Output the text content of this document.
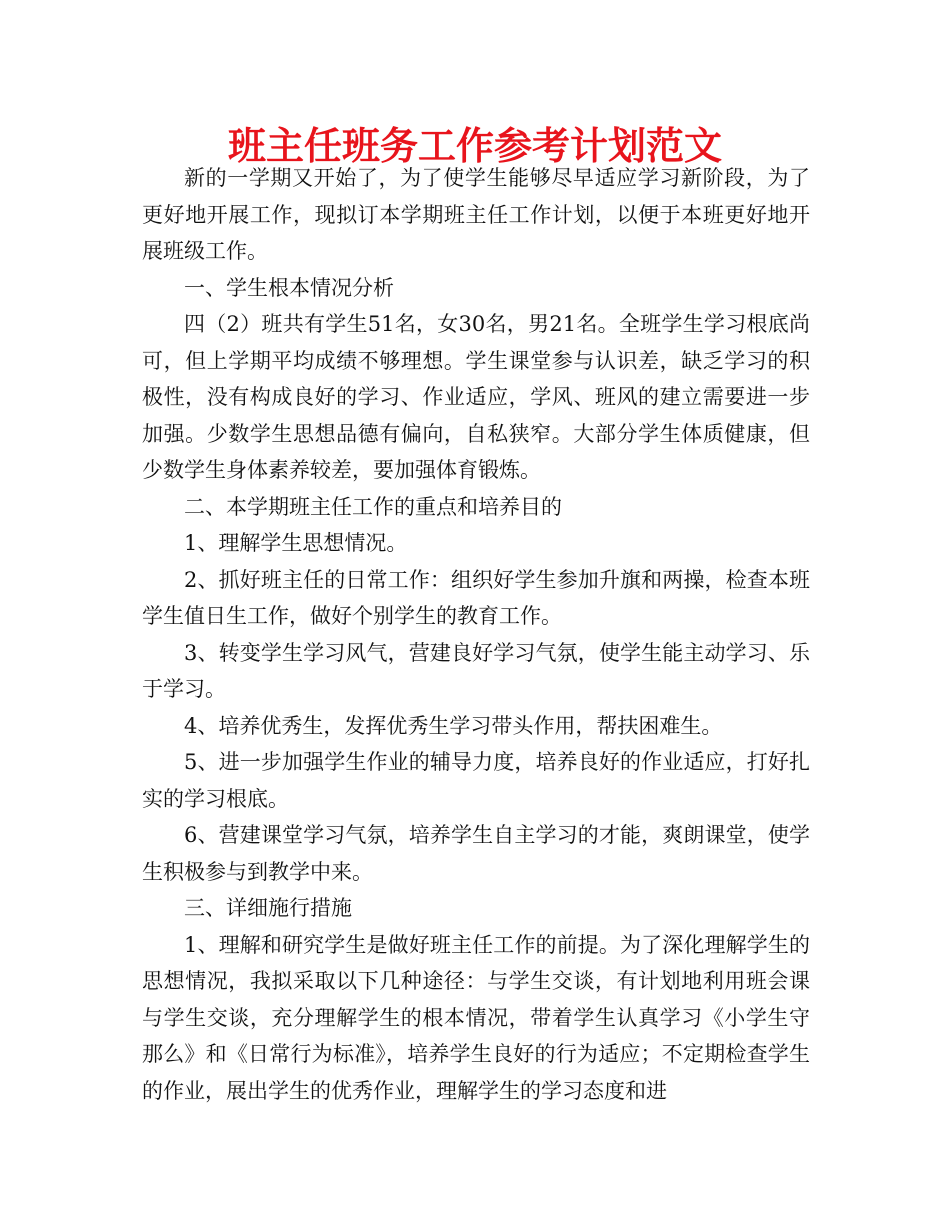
班主任班务工作参考计划范文

新的一学期又开始了，为了使学生能够尽早适应学习新阶段，为了更好地开展工作，现拟订本学期班主任工作计划，以便于本班更好地开展班级工作。

一、学生根本情况分析

四（2）班共有学生51名，女30名，男21名。全班学生学习根底尚可，但上学期平均成绩不够理想。学生课堂参与认识差，缺乏学习的积极性，没有构成良好的学习、作业适应，学风、班风的建立需要进一步加强。少数学生思想品德有偏向，自私狭窄。大部分学生体质健康，但少数学生身体素养较差，要加强体育锻炼。

二、本学期班主任工作的重点和培养目的

1、理解学生思想情况。

2、抓好班主任的日常工作：组织好学生参加升旗和两操，检查本班学生值日生工作，做好个别学生的教育工作。

3、转变学生学习风气，营建良好学习气氛，使学生能主动学习、乐于学习。

4、培养优秀生，发挥优秀生学习带头作用，帮扶困难生。

5、进一步加强学生作业的辅导力度，培养良好的作业适应，打好扎实的学习根底。

6、营建课堂学习气氛，培养学生自主学习的才能，爽朗课堂，使学生积极参与到教学中来。

三、详细施行措施

1、理解和研究学生是做好班主任工作的前提。为了深化理解学生的思想情况，我拟采取以下几种途径：与学生交谈，有计划地利用班会课与学生交谈，充分理解学生的根本情况，带着学生认真学习《小学生守那么》和《日常行为标准》，培养学生良好的行为适应；不定期检查学生的作业，展出学生的优秀作业，理解学生的学习态度和进
